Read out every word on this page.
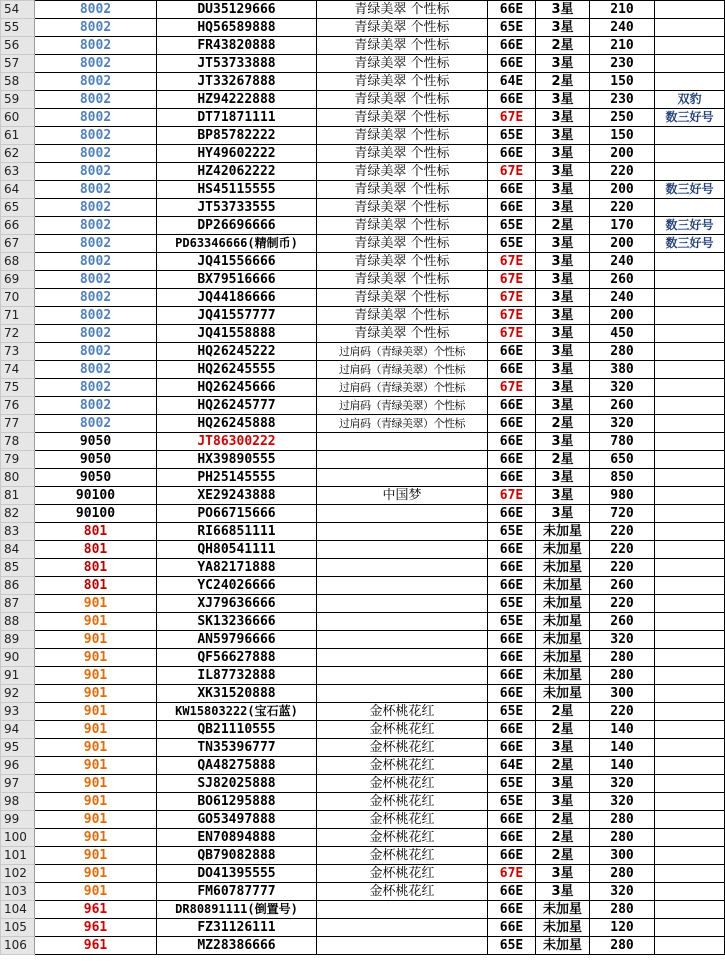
54	8002	DU35129666	青绿美翠 个性标	66E	3星	210	
55	8002	HQ56589888	青绿美翠 个性标	65E	3星	240	
56	8002	FR43820888	青绿美翠 个性标	66E	2星	210	
57	8002	JT53733888	青绿美翠 个性标	66E	3星	230	
58	8002	JT33267888	青绿美翠 个性标	64E	2星	150	
59	8002	HZ94222888	青绿美翠 个性标	66E	3星	230	双豹
60	8002	DT71871111	青绿美翠 个性标	67E	3星	250	数三好号
61	8002	BP85782222	青绿美翠 个性标	65E	3星	150	
62	8002	HY49602222	青绿美翠 个性标	66E	3星	200	
63	8002	HZ42062222	青绿美翠 个性标	67E	3星	220	
64	8002	HS45115555	青绿美翠 个性标	66E	3星	200	数三好号
65	8002	JT53733555	青绿美翠 个性标	66E	3星	220	
66	8002	DP26696666	青绿美翠 个性标	65E	2星	170	数三好号
67	8002	PD63346666(精制币)	青绿美翠 个性标	65E	3星	200	数三好号
68	8002	JQ41556666	青绿美翠 个性标	67E	3星	240	
69	8002	BX79516666	青绿美翠 个性标	67E	3星	260	
70	8002	JQ44186666	青绿美翠 个性标	67E	3星	240	
71	8002	JQ41557777	青绿美翠 个性标	67E	3星	200	
72	8002	JQ41558888	青绿美翠 个性标	67E	3星	450	
73	8002	HQ26245222	过肩码（青绿美翠）个性标	66E	3星	280	
74	8002	HQ26245555	过肩码（青绿美翠）个性标	66E	3星	380	
75	8002	HQ26245666	过肩码（青绿美翠）个性标	67E	3星	320	
76	8002	HQ26245777	过肩码（青绿美翠）个性标	66E	3星	260	
77	8002	HQ26245888	过肩码（青绿美翠）个性标	66E	2星	320	
78	9050	JT86300222		66E	3星	780	
79	9050	HX39890555		66E	2星	650	
80	9050	PH25145555		66E	3星	850	
81	90100	XE29243888	中国梦	67E	3星	980	
82	90100	PO66715666		66E	3星	720	
83	801	RI66851111		65E	未加星	220	
84	801	QH80541111		66E	未加星	220	
85	801	YA82171888		66E	未加星	220	
86	801	YC24026666		66E	未加星	260	
87	901	XJ79636666		65E	未加星	220	
88	901	SK13236666		65E	未加星	260	
89	901	AN59796666		66E	未加星	320	
90	901	QF56627888		66E	未加星	280	
91	901	IL87732888		66E	未加星	280	
92	901	XK31520888		66E	未加星	300	
93	901	KW15803222(宝石蓝)	金杯桃花红	65E	2星	220	
94	901	QB21110555	金杯桃花红	66E	2星	140	
95	901	TN35396777	金杯桃花红	66E	3星	140	
96	901	QA48275888	金杯桃花红	64E	2星	140	
97	901	SJ82025888	金杯桃花红	65E	3星	320	
98	901	BO61295888	金杯桃花红	65E	3星	320	
99	901	GO53497888	金杯桃花红	66E	2星	280	
100	901	EN70894888	金杯桃花红	66E	2星	280	
101	901	QB79082888	金杯桃花红	66E	2星	300	
102	901	DO41395555	金杯桃花红	67E	3星	280	
103	901	FM60787777	金杯桃花红	66E	3星	320	
104	961	DR80891111(倒置号)		66E	未加星	280	
105	961	FZ31126111		66E	未加星	120	
106	961	MZ28386666		65E	未加星	280	
